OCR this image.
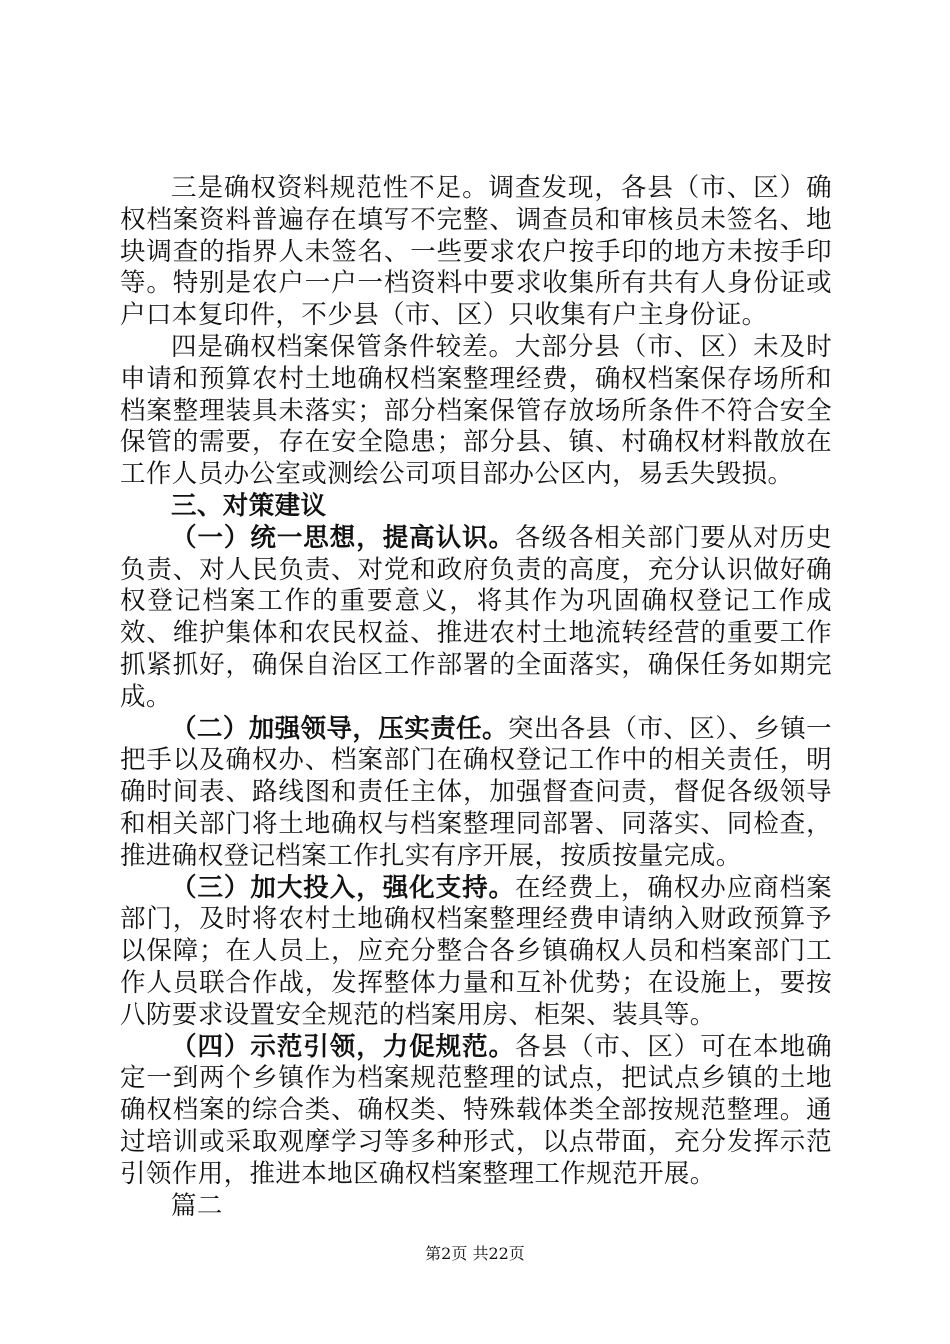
三是确权资料规范性不足。调查发现，各县（市、区）确权档案资料普遍存在填写不完整、调查员和审核员未签名、地块调查的指界人未签名、一些要求农户按手印的地方未按手印等。特别是农户一户一档资料中要求收集所有共有人身份证或户口本复印件，不少县（市、区）只收集有户主身份证。

四是确权档案保管条件较差。大部分县（市、区）未及时申请和预算农村土地确权档案整理经费，确权档案保存场所和档案整理装具未落实；部分档案保管存放场所条件不符合安全保管的需要，存在安全隐患；部分县、镇、村确权材料散放在工作人员办公室或测绘公司项目部办公区内，易丢失毁损。

三、对策建议

（一）统一思想，提高认识。各级各相关部门要从对历史负责、对人民负责、对党和政府负责的高度，充分认识做好确权登记档案工作的重要意义，将其作为巩固确权登记工作成效、维护集体和农民权益、推进农村土地流转经营的重要工作抓紧抓好，确保自治区工作部署的全面落实，确保任务如期完成。

（二）加强领导，压实责任。突出各县（市、区）、乡镇一把手以及确权办、档案部门在确权登记工作中的相关责任，明确时间表、路线图和责任主体，加强督查问责，督促各级领导和相关部门将土地确权与档案整理同部署、同落实、同检查，推进确权登记档案工作扎实有序开展，按质按量完成。

（三）加大投入，强化支持。在经费上，确权办应商档案部门，及时将农村土地确权档案整理经费申请纳入财政预算予以保障；在人员上，应充分整合各乡镇确权人员和档案部门工作人员联合作战，发挥整体力量和互补优势；在设施上，要按八防要求设置安全规范的档案用房、柜架、装具等。

（四）示范引领，力促规范。各县（市、区）可在本地确定一到两个乡镇作为档案规范整理的试点，把试点乡镇的土地确权档案的综合类、确权类、特殊载体类全部按规范整理。通过培训或采取观摩学习等多种形式，以点带面，充分发挥示范引领作用，推进本地区确权档案整理工作规范开展。

篇二

第2页 共22页
